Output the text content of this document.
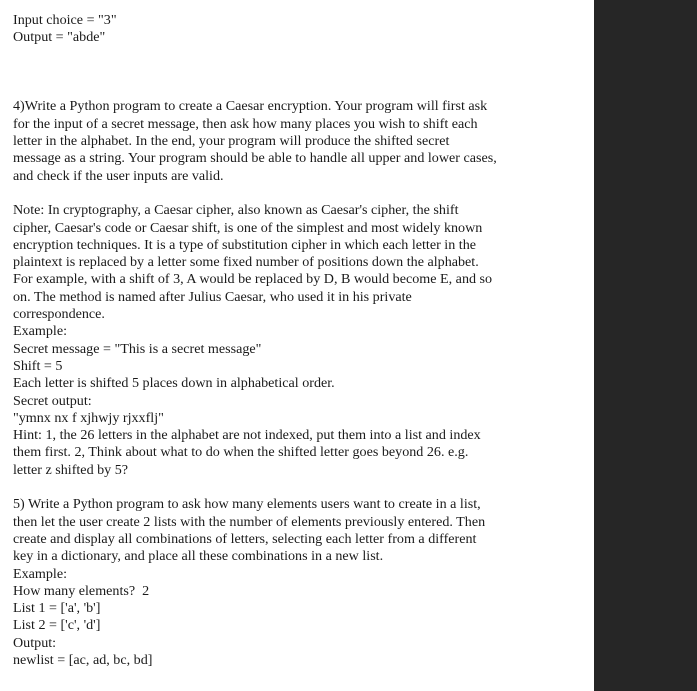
Input choice = "3"
Output = "abde"
4)Write a Python program to create a Caesar encryption. Your program will first ask
for the input of a secret message, then ask how many places you wish to shift each
letter in the alphabet. In the end, your program will produce the shifted secret
message as a string. Your program should be able to handle all upper and lower cases,
and check if the user inputs are valid.
Note: In cryptography, a Caesar cipher, also known as Caesar's cipher, the shift
cipher, Caesar's code or Caesar shift, is one of the simplest and most widely known
encryption techniques. It is a type of substitution cipher in which each letter in the
plaintext is replaced by a letter some fixed number of positions down the alphabet.
For example, with a shift of 3, A would be replaced by D, B would become E, and so
on. The method is named after Julius Caesar, who used it in his private
correspondence.
Example:
Secret message = "This is a secret message"
Shift = 5
Each letter is shifted 5 places down in alphabetical order.
Secret output:
"ymnx nx f xjhwjy rjxxflj"
Hint: 1, the 26 letters in the alphabet are not indexed, put them into a list and index
them first. 2, Think about what to do when the shifted letter goes beyond 26. e.g.
letter z shifted by 5?
5) Write a Python program to ask how many elements users want to create in a list,
then let the user create 2 lists with the number of elements previously entered. Then
create and display all combinations of letters, selecting each letter from a different
key in a dictionary, and place all these combinations in a new list.
Example:
How many elements?  2
List 1 = ['a', 'b']
List 2 = ['c', 'd']
Output:
newlist = [ac, ad, bc, bd]
